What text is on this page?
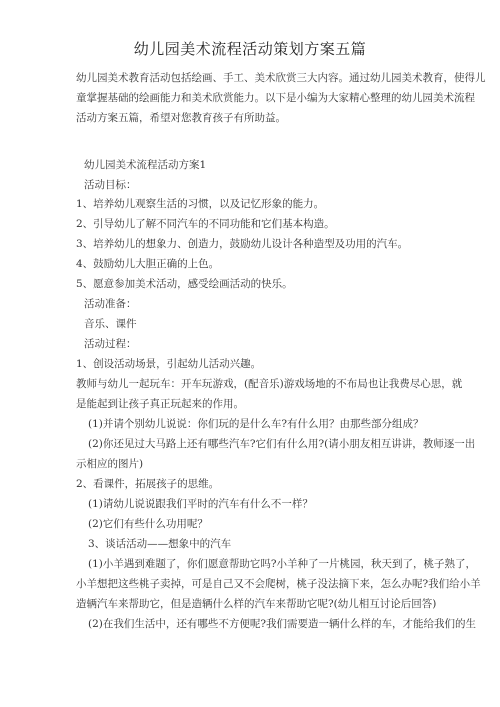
幼儿园美术流程活动策划方案五篇
幼儿园美术教育活动包括绘画、手工、美术欣赏三大内容。通过幼儿园美术教育，使得儿
童掌握基础的绘画能力和美术欣赏能力。以下是小编为大家精心整理的幼儿园美术流程
活动方案五篇，希望对您教育孩子有所助益。
幼儿园美术流程活动方案1
活动目标：
1、培养幼儿观察生活的习惯，以及记忆形象的能力。
2、引导幼儿了解不同汽车的不同功能和它们基本构造。
3、培养幼儿的想象力、创造力，鼓励幼儿设计各种造型及功用的汽车。
4、鼓励幼儿大胆正确的上色。
5、愿意参加美术活动，感受绘画活动的快乐。
活动准备：
音乐、课件
活动过程：
1、创设活动场景，引起幼儿活动兴趣。
教师与幼儿一起玩车：开车玩游戏，(配音乐)游戏场地的不布局也让我费尽心思，就
是能起到让孩子真正玩起来的作用。
(1)并请个别幼儿说说：你们玩的是什么车?有什么用？由那些部分组成？
(2)你还见过大马路上还有哪些汽车?它们有什么用?(请小朋友相互讲讲，教师逐一出
示相应的图片)
2、看课件，拓展孩子的思维。
(1)请幼儿说说跟我们平时的汽车有什么不一样？
(2)它们有些什么功用呢？
3、谈话活动——想象中的汽车
(1)小羊遇到难题了，你们愿意帮助它吗?小羊种了一片桃园，秋天到了，桃子熟了，
小羊想把这些桃子卖掉，可是自己又不会爬树，桃子没法摘下来，怎么办呢?我们给小羊
造辆汽车来帮助它，但是造辆什么样的汽车来帮助它呢?(幼儿相互讨论后回答)
(2)在我们生活中，还有哪些不方便呢?我们需要造一辆什么样的车，才能给我们的生
